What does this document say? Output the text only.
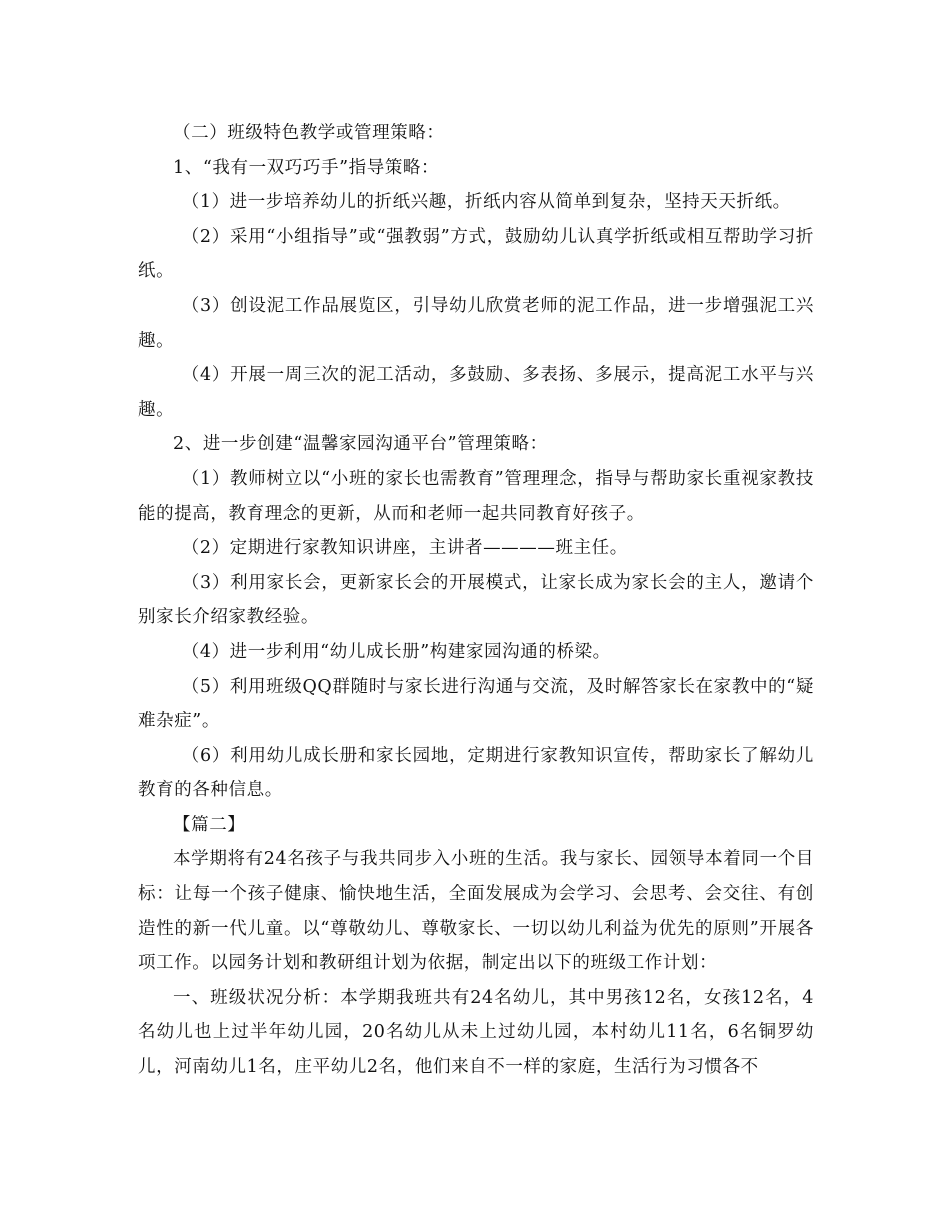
（二）班级特色教学或管理策略：

1、“我有一双巧巧手”指导策略：

（1）进一步培养幼儿的折纸兴趣，折纸内容从简单到复杂，坚持天天折纸。

（2）采用“小组指导”或“强教弱”方式，鼓励幼儿认真学折纸或相互帮助学习折纸。

（3）创设泥工作品展览区，引导幼儿欣赏老师的泥工作品，进一步增强泥工兴趣。

（4）开展一周三次的泥工活动，多鼓励、多表扬、多展示，提高泥工水平与兴趣。

2、进一步创建“温馨家园沟通平台”管理策略：

（1）教师树立以“小班的家长也需教育”管理理念，指导与帮助家长重视家教技能的提高，教育理念的更新，从而和老师一起共同教育好孩子。

（2）定期进行家教知识讲座，主讲者————班主任。

（3）利用家长会，更新家长会的开展模式，让家长成为家长会的主人，邀请个别家长介绍家教经验。

（4）进一步利用“幼儿成长册”构建家园沟通的桥梁。

（5）利用班级QQ群随时与家长进行沟通与交流，及时解答家长在家教中的“疑难杂症”。

（6）利用幼儿成长册和家长园地，定期进行家教知识宣传，帮助家长了解幼儿教育的各种信息。

【篇二】

本学期将有24名孩子与我共同步入小班的生活。我与家长、园领导本着同一个目标：让每一个孩子健康、愉快地生活，全面发展成为会学习、会思考、会交往、有创造性的新一代儿童。以“尊敬幼儿、尊敬家长、一切以幼儿利益为优先的原则”开展各项工作。以园务计划和教研组计划为依据，制定出以下的班级工作计划：

一、班级状况分析：本学期我班共有24名幼儿，其中男孩12名，女孩12名，4名幼儿也上过半年幼儿园，20名幼儿从未上过幼儿园，本村幼儿11名，6名铜罗幼儿，河南幼儿1名，庄平幼儿2名，他们来自不一样的家庭，生活行为习惯各不
